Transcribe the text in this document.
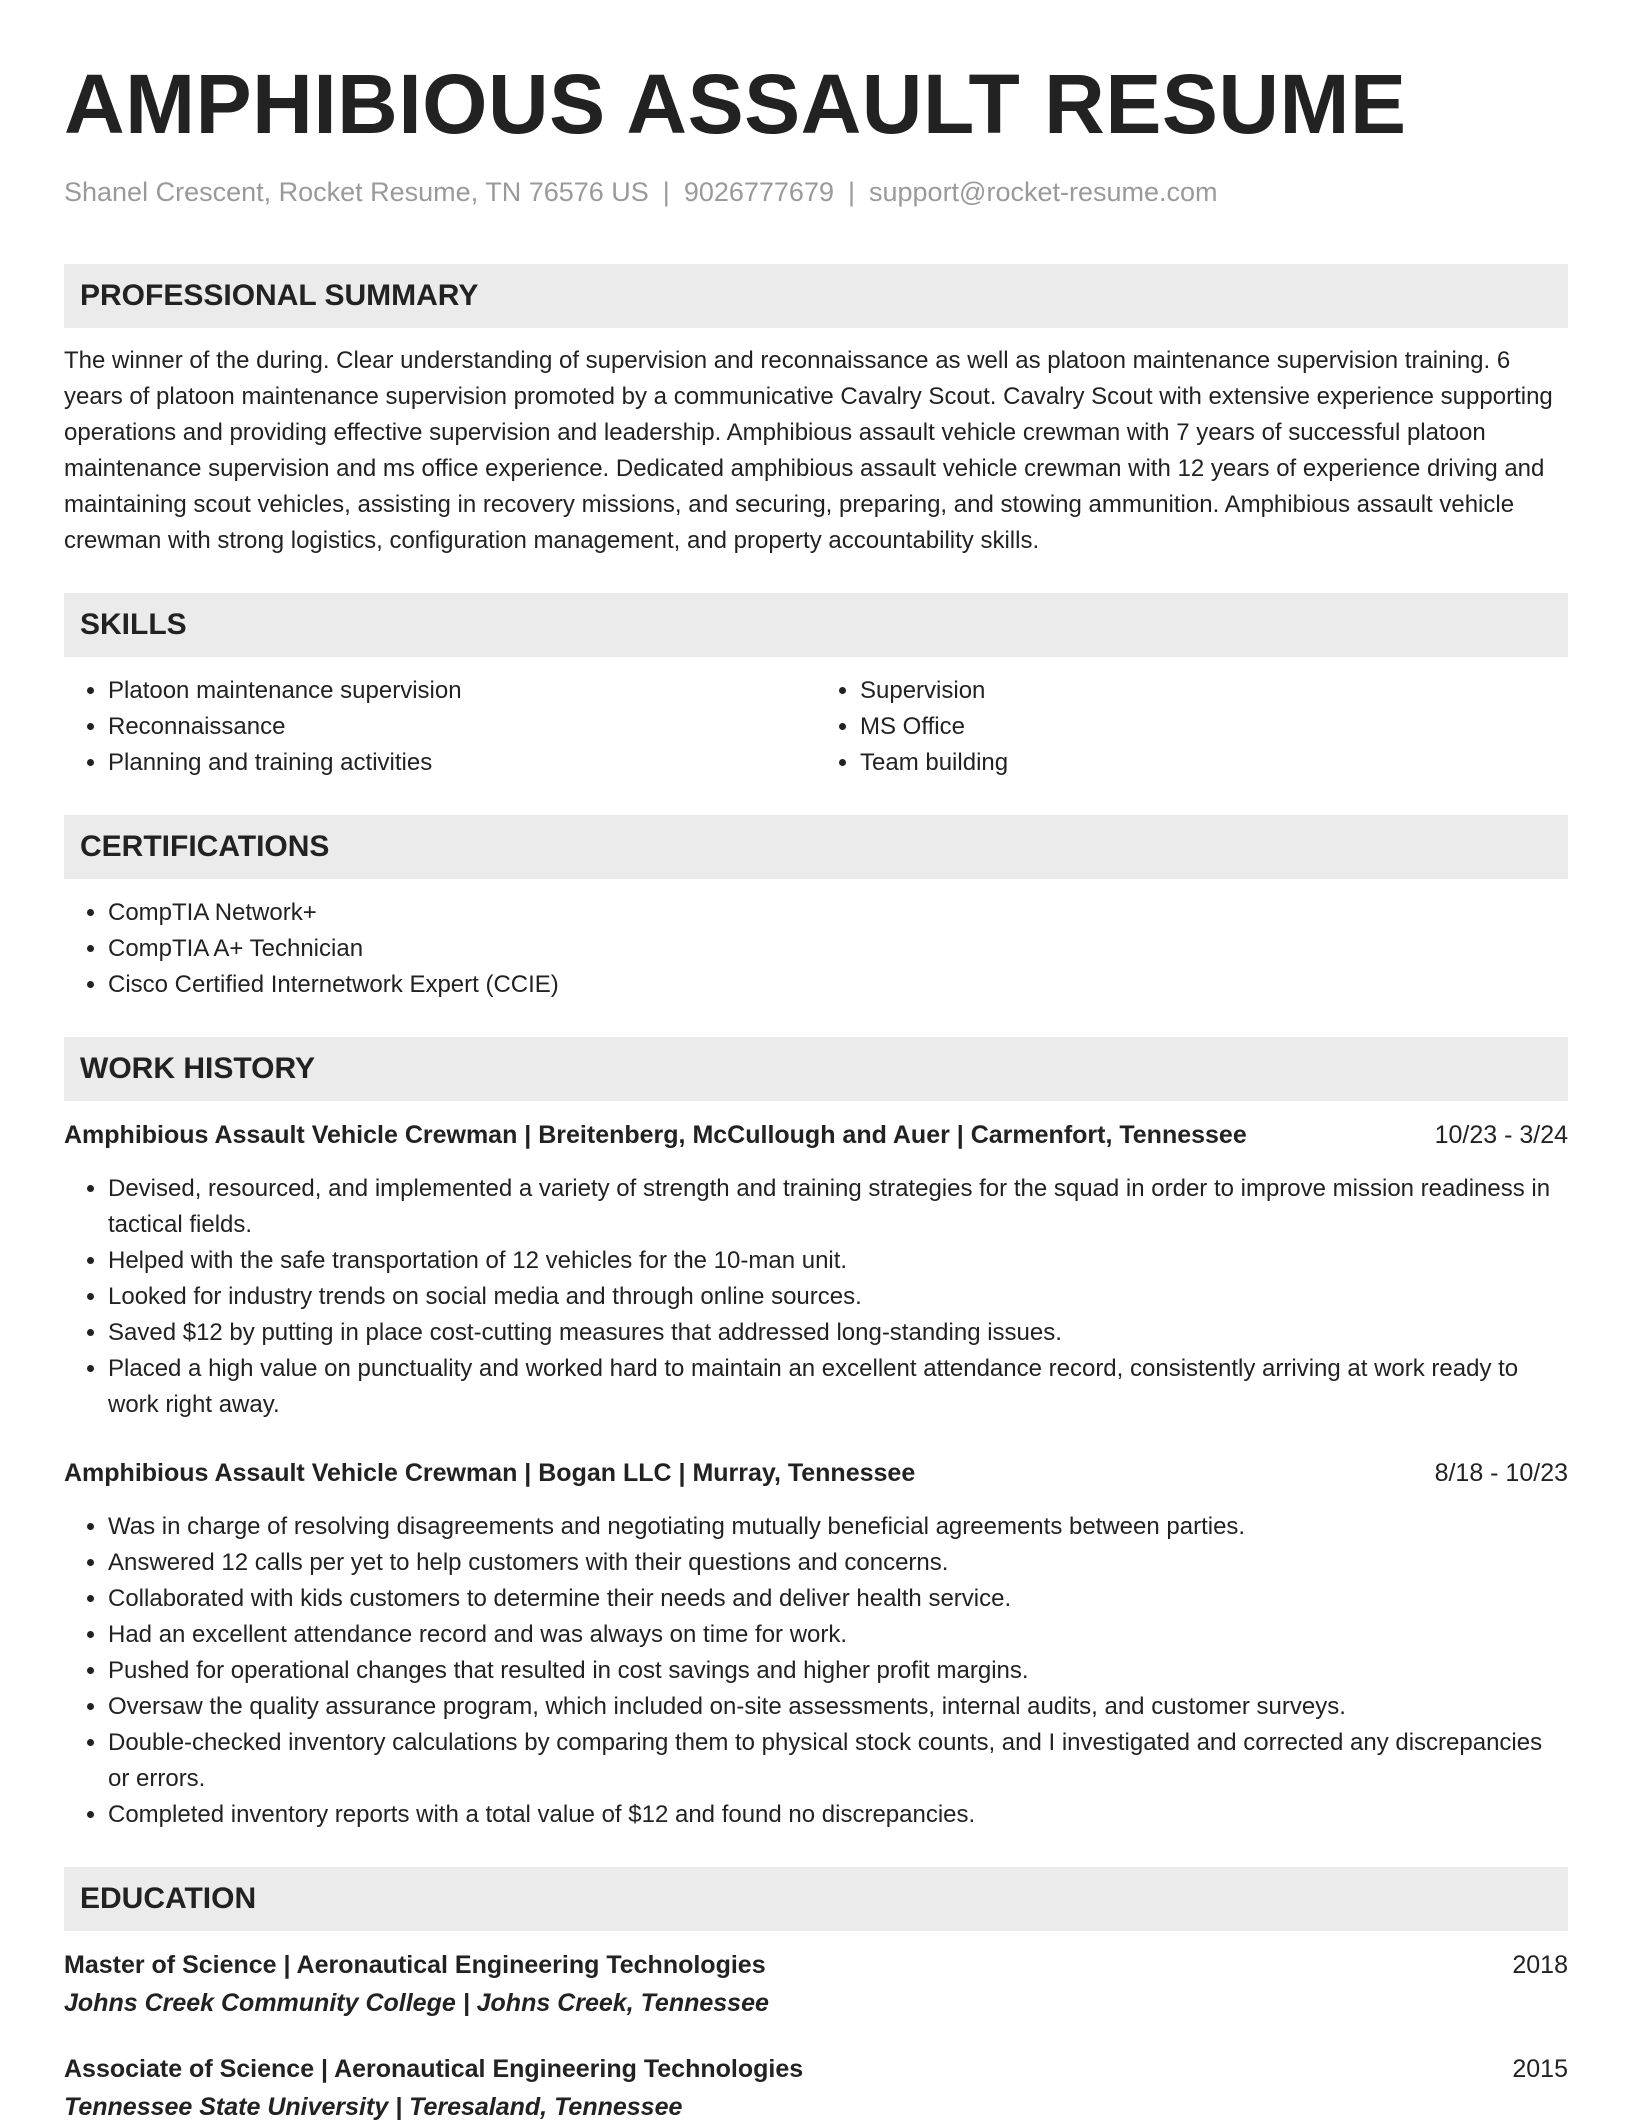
AMPHIBIOUS ASSAULT RESUME
Shanel Crescent, Rocket Resume, TN 76576 US | 9026777679 | support@rocket-resume.com
PROFESSIONAL SUMMARY

The winner of the during. Clear understanding of supervision and reconnaissance as well as platoon maintenance supervision training. 6 years of platoon maintenance supervision promoted by a communicative Cavalry Scout. Cavalry Scout with extensive experience supporting operations and providing effective supervision and leadership. Amphibious assault vehicle crewman with 7 years of successful platoon maintenance supervision and ms office experience. Dedicated amphibious assault vehicle crewman with 12 years of experience driving and maintaining scout vehicles, assisting in recovery missions, and securing, preparing, and stowing ammunition. Amphibious assault vehicle crewman with strong logistics, configuration management, and property accountability skills.

SKILLS
• Platoon maintenance supervision
• Reconnaissance
• Planning and training activities
• Supervision
• MS Office
• Team building
CERTIFICATIONS
• CompTIA Network+
• CompTIA A+ Technician
• Cisco Certified Internetwork Expert (CCIE)
WORK HISTORY
Amphibious Assault Vehicle Crewman | Breitenberg, McCullough and Auer | Carmenfort, Tennessee	10/23 - 3/24
• Devised, resourced, and implemented a variety of strength and training strategies for the squad in order to improve mission readiness in tactical fields.
• Helped with the safe transportation of 12 vehicles for the 10-man unit.
• Looked for industry trends on social media and through online sources.
• Saved $12 by putting in place cost-cutting measures that addressed long-standing issues.
• Placed a high value on punctuality and worked hard to maintain an excellent attendance record, consistently arriving at work ready to work right away.
Amphibious Assault Vehicle Crewman | Bogan LLC | Murray, Tennessee	8/18 - 10/23
• Was in charge of resolving disagreements and negotiating mutually beneficial agreements between parties.
• Answered 12 calls per yet to help customers with their questions and concerns.
• Collaborated with kids customers to determine their needs and deliver health service.
• Had an excellent attendance record and was always on time for work.
• Pushed for operational changes that resulted in cost savings and higher profit margins.
• Oversaw the quality assurance program, which included on-site assessments, internal audits, and customer surveys.
• Double-checked inventory calculations by comparing them to physical stock counts, and I investigated and corrected any discrepancies or errors.
• Completed inventory reports with a total value of $12 and found no discrepancies.
EDUCATION
Master of Science | Aeronautical Engineering Technologies	2018
Johns Creek Community College | Johns Creek, Tennessee
Associate of Science | Aeronautical Engineering Technologies	2015
Tennessee State University | Teresaland, Tennessee
